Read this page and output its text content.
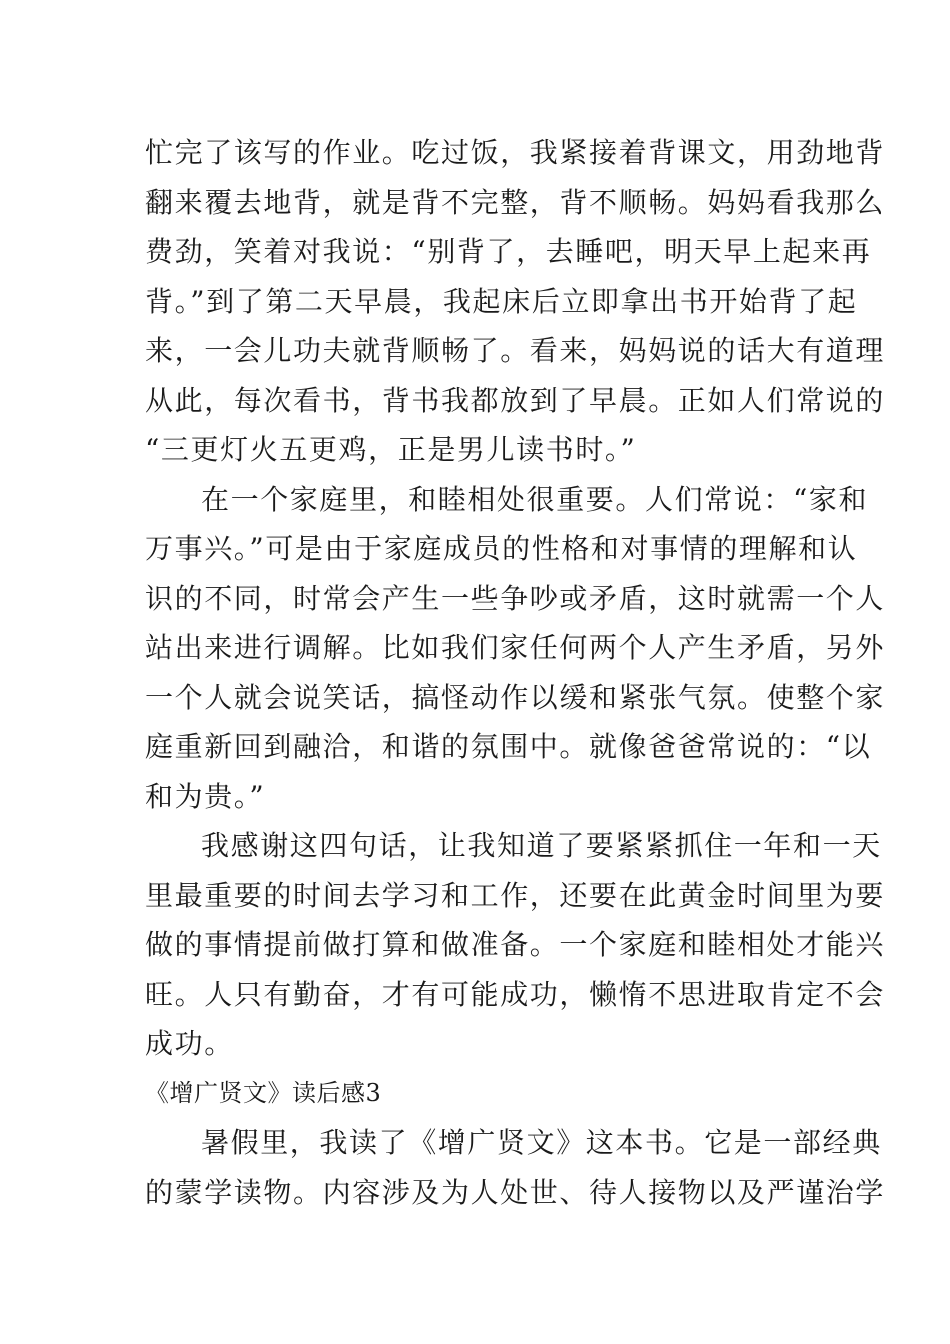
忙完了该写的作业。吃过饭，我紧接着背课文，用劲地背
翻来覆去地背，就是背不完整，背不顺畅。妈妈看我那么
费劲，笑着对我说：“别背了，去睡吧，明天早上起来再
背。”到了第二天早晨，我起床后立即拿出书开始背了起
来，一会儿功夫就背顺畅了。看来，妈妈说的话大有道理
从此，每次看书，背书我都放到了早晨。正如人们常说的
“三更灯火五更鸡，正是男儿读书时。”
在一个家庭里，和睦相处很重要。人们常说：“家和
万事兴。”可是由于家庭成员的性格和对事情的理解和认
识的不同，时常会产生一些争吵或矛盾，这时就需一个人
站出来进行调解。比如我们家任何两个人产生矛盾，另外
一个人就会说笑话，搞怪动作以缓和紧张气氛。使整个家
庭重新回到融洽，和谐的氛围中。就像爸爸常说的：“以
和为贵。”
我感谢这四句话，让我知道了要紧紧抓住一年和一天
里最重要的时间去学习和工作，还要在此黄金时间里为要
做的事情提前做打算和做准备。一个家庭和睦相处才能兴
旺。人只有勤奋，才有可能成功，懒惰不思进取肯定不会
成功。
《增广贤文》读后感3
暑假里，我读了《增广贤文》这本书。它是一部经典
的蒙学读物。内容涉及为人处世、待人接物以及严谨治学
